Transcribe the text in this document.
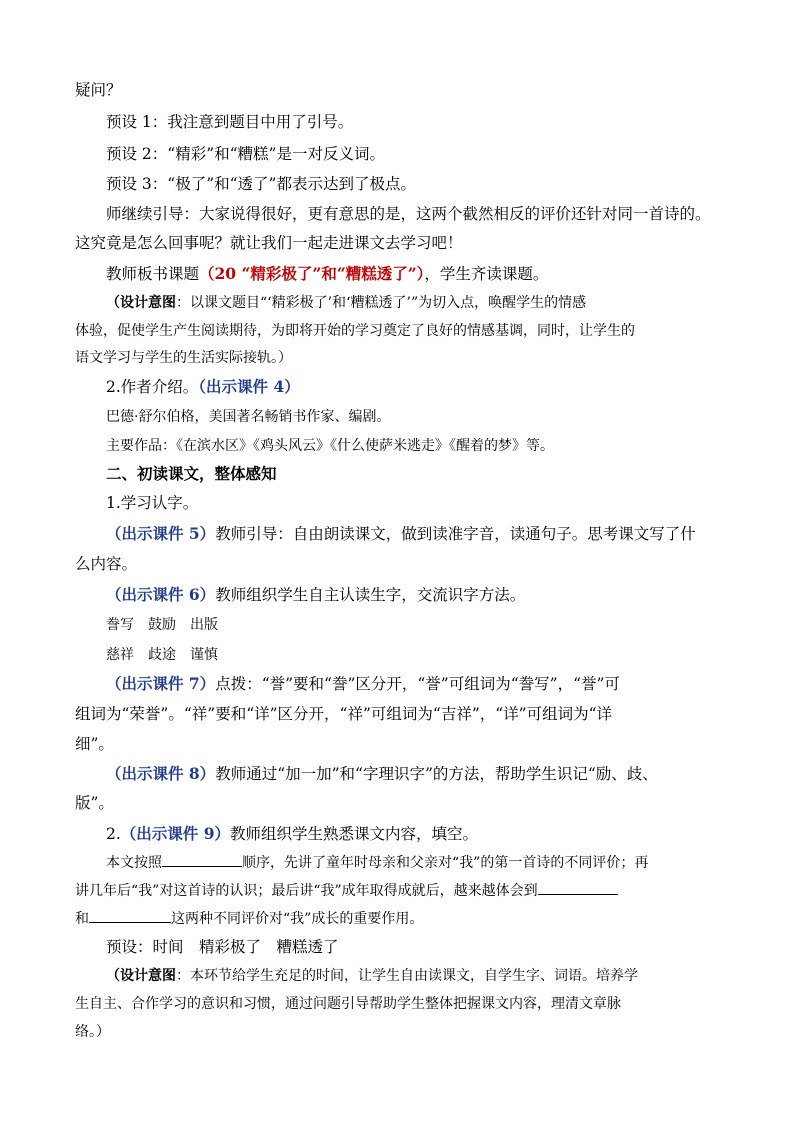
疑问？
预设 1：我注意到题目中用了引号。
预设 2：“精彩”和“糟糕”是一对反义词。
预设 3：“极了”和“透了”都表示达到了极点。
师继续引导：大家说得很好，更有意思的是，这两个截然相反的评价还针对同一首诗的。
这究竟是怎么回事呢？就让我们一起走进课文去学习吧！
教师板书课题（20 “精彩极了”和“糟糕透了”），学生齐读课题。
（设计意图：以课文题目“‘精彩极了’和‘糟糕透了’”为切入点，唤醒学生的情感
体验，促使学生产生阅读期待，为即将开始的学习奠定了良好的情感基调，同时，让学生的
语文学习与学生的生活实际接轨。）
2.作者介绍。（出示课件 4）
巴德·舒尔伯格，美国著名畅销书作家、编剧。
主要作品：《在滨水区》《鸡头风云》《什么使萨米逃走》《醒着的梦》等。
二、初读课文，整体感知
1.学习认字。
（出示课件 5）教师引导：自由朗读课文，做到读准字音，读通句子。思考课文写了什
么内容。
（出示课件 6）教师组织学生自主认读生字，交流识字方法。
誊写　鼓励　出版
慈祥　歧途　谨慎
（出示课件 7）点拨：“誉”要和“誊”区分开，“誉”可组词为“誊写”，“誉”可
组词为“荣誉”。“祥”要和“详”区分开，“祥”可组词为“吉祥”，“详”可组词为“详
细”。
（出示课件 8）教师通过“加一加”和“字理识字”的方法，帮助学生识记“励、歧、
版”。
2.（出示课件 9）教师组织学生熟悉课文内容，填空。
本文按照	顺序，先讲了童年时母亲和父亲对“我”的第一首诗的不同评价；再
讲几年后“我”对这首诗的认识；最后讲“我”成年取得成就后，越来越体会到
和	这两种不同评价对“我”成长的重要作用。
预设：时间　精彩极了　糟糕透了
（设计意图：本环节给学生充足的时间，让学生自由读课文，自学生字、词语。培养学
生自主、合作学习的意识和习惯，通过问题引导帮助学生整体把握课文内容，理清文章脉
络。）
